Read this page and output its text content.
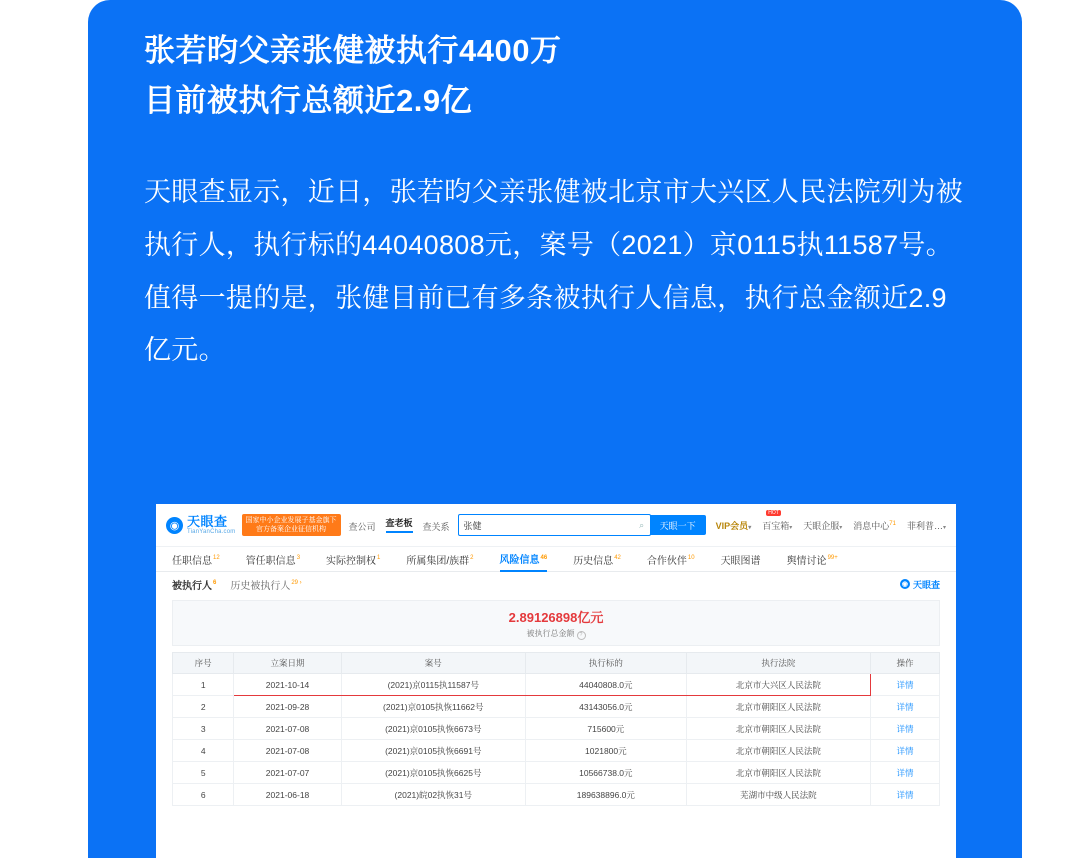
张若昀父亲张健被执行4400万
目前被执行总额近2.9亿

天眼查显示，近日，张若昀父亲张健被北京市大兴区人民法院列为被执行人，执行标的44040808元，案号（2021）京0115执11587号。值得一提的是，张健目前已有多条被执行人信息，执行总金额近2.9亿元。

◉ 天眼查
TianYanCha.com
国家中小企业发展子基金旗下
官方备案企业征信机构	查公司 查老板 查关系
张健	⌕	天眼一下	VIP会员▾
HOT
百宝箱▾ 天眼企服▾ 消息中心$^{71}$ 菲利普…▾
任职信息$^{12}$	管任职信息$^3$	实际控制权$^1$	所属集团/族群$^2$	风险信息 46	历史信息$^{42}$	合作伙伴$^{10}$	天眼图谱	舆情讨论$^{99+}$
被执行人$^6$ 历史被执行人$^{29 ›}$	◉ 天眼查
2.89126898亿元
被执行总金额 ?
序号	立案日期	案号	执行标的	执行法院	操作
1	2021-10-14	(2021)京0115执11587号	44040808.0元	北京市大兴区人民法院	详情
2	2021-09-28	(2021)京0105执恢11662号	43143056.0元	北京市朝阳区人民法院	详情
3	2021-07-08	(2021)京0105执恢6673号	715600元	北京市朝阳区人民法院	详情
4	2021-07-08	(2021)京0105执恢6691号	1021800元	北京市朝阳区人民法院	详情
5	2021-07-07	(2021)京0105执恢6625号	10566738.0元	北京市朝阳区人民法院	详情
6	2021-06-18	(2021)皖02执恢31号	189638896.0元	芜湖市中级人民法院	详情
